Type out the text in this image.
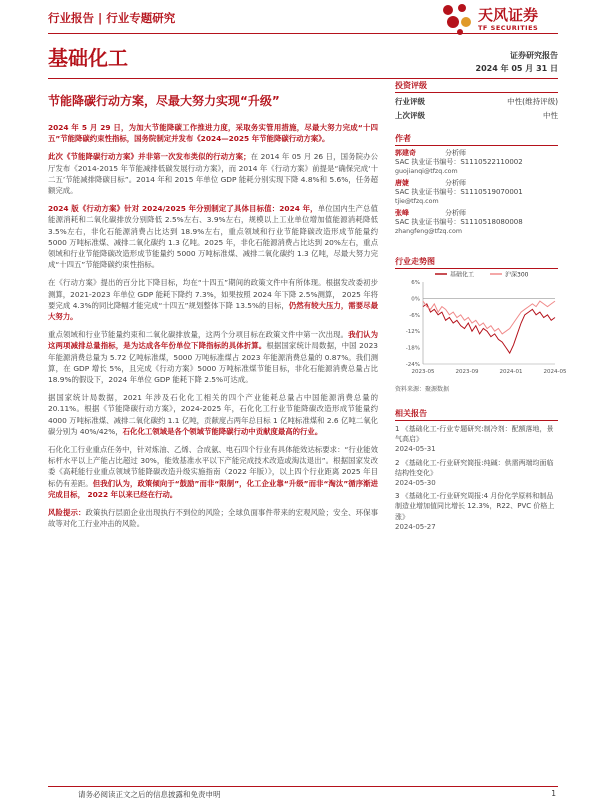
行业报告 | 行业专题研究	天风证券
TF SECURITIES
基础化工	证券研究报告
2024 年 05 月 31 日
节能降碳行动方案，尽最大努力实现“升级”

2024 年 5 月 29 日，为加大节能降碳工作推进力度，采取务实管用措施，尽最大努力完成“十四五”节能降碳约束性指标，国务院制定并发布《2024—2025 年节能降碳行动方案》。

此次《节能降碳行动方案》并非第一次发布类似的行动方案；在 2014 年 05 月 26 日，国务院办公厅发布《2014-2015 年节能减排低碳发展行动方案》，而 2014 年《行动方案》前提是“确保完成‘十二五’节能减排降碳目标”。2014 年和 2015 年单位 GDP 能耗分别实现下降 4.8%和 5.6%，任务超额完成。

2024 版《行动方案》针对 2024/2025 年分别制定了具体目标值：2024 年，单位国内生产总值能源消耗和二氧化碳排放分别降低 2.5%左右、3.9%左右，规模以上工业单位增加值能源消耗降低 3.5%左右，非化石能源消费占比达到 18.9%左右，重点领域和行业节能降碳改造形成节能量约 5000 万吨标准煤、减排二氧化碳约 1.3 亿吨。2025 年，非化石能源消费占比达到 20%左右，重点领域和行业节能降碳改造形成节能量约 5000 万吨标准煤、减排二氧化碳约 1.3 亿吨，尽最大努力完成“十四五”节能降碳约束性指标。

在《行动方案》提出的百分比下降目标，均在“十四五”期间的政策文件中有所体现。根据发改委初步测算，2021-2023 年单位 GDP 能耗下降约 7.3%，如果按照 2024 年下降 2.5%测算， 2025 年将要完成 4.3%的同比降幅才能完成“十四五”规划整体下降 13.5%的目标，仍然有较大压力，需要尽最大努力。

重点领域和行业节能量约束和二氧化碳排放量，这两个分项目标在政策文件中第一次出现。我们认为这两项减排总量指标，是为达成各年份单位下降指标的具体折算。根据国家统计局数据，中国 2023 年能源消费总量为 5.72 亿吨标准煤，5000 万吨标准煤占 2023 年能源消费总量的 0.87%。我们测算，在 GDP 增长 5%，且完成《行动方案》5000 万吨标准煤节能目标，非化石能源消费总量占比 18.9%的假设下，2024 年单位 GDP 能耗下降 2.5%可达成。

据国家统计局数据，2021 年涉及石化化工相关的四个产业能耗总量占中国能源消费总量的 20.11%。根据《节能降碳行动方案》，2024-2025 年，石化化工行业节能降碳改造形成节能量约 4000 万吨标准煤、减排二氧化碳约 1.1 亿吨，贡献度占两年总目标 1 亿吨标准煤和 2.6 亿吨二氧化碳分别为 40%/42%，石化化工领域是各个领域节能降碳行动中贡献度最高的行业。

石化化工行业重点任务中，针对炼油、乙烯、合成氨、电石四个行业有具体能效达标要求：“行业能效标杆水平以上产能占比超过 30%，能效基准水平以下产能完成技术改造或淘汰退出”。根据国家发改委《高耗能行业重点领域节能降碳改造升级实施指南（2022 年版）》，以上四个行业距离 2025 年目标仍有差距。但我们认为，政策倾向于“鼓励”而非“限制”，化工企业靠“升级”而非“淘汰”循序渐进完成目标， 2022 年以来已经在行动。

风险提示：政策执行层面企业出现执行不到位的风险；全球负面事件带来的宏观风险；安全、环保事故等对化工行业冲击的风险。

投资评级
行业评级	中性(维持评级)
上次评级	中性
作者
郭建奇	分析师
SAC 执业证书编号：S1110522110002
guojianqi@tfzq.com
唐婕	分析师
SAC 执业证书编号：S1110519070001
tjie@tfzq.com
张峰	分析师
SAC 执业证书编号：S1110518080008
zhangfeng@tfzq.com
行业走势图
基础化工	沪深300
-24%
-18%
-12%
-6%
0%
6%
2023-05	2023-09	2024-01	2024-05
资料来源：聚源数据
相关报告
1 《基础化工-行业专题研究:制冷剂：配额落地，景气高启》
2024-05-31
2 《基础化工-行业研究简报:纯碱：供需两端均面临结构性变化》
2024-05-30
3 《基础化工-行业研究周报:4 月份化学原料和制品制造业增加值同比增长 12.3%，R22、PVC 价格上涨》
2024-05-27
请务必阅读正文之后的信息披露和免责申明	1
